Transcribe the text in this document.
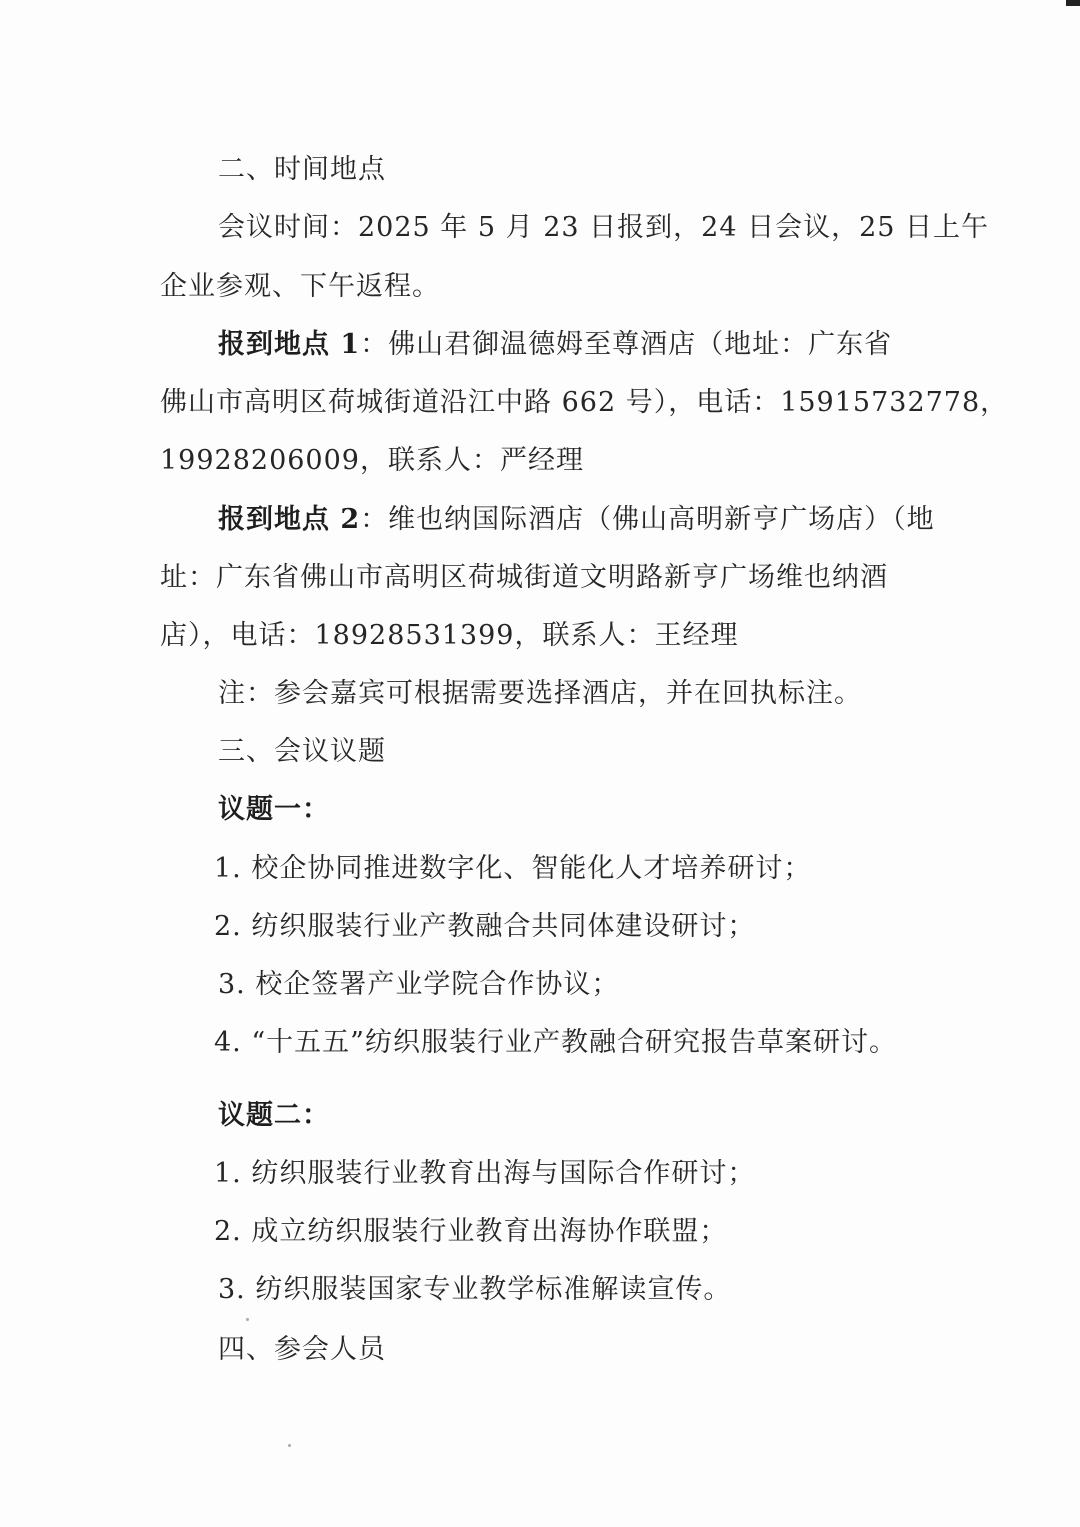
二、时间地点
会议时间：2025 年 5 月 23 日报到，24 日会议，25 日上午
企业参观、下午返程。
报到地点 1：佛山君御温德姆至尊酒店（地址：广东省
佛山市高明区荷城街道沿江中路 662 号），电话：15915732778，
19928206009，联系人：严经理
报到地点 2：维也纳国际酒店（佛山高明新亨广场店）（地
址：广东省佛山市高明区荷城街道文明路新亨广场维也纳酒
店），电话：18928531399，联系人：王经理
注：参会嘉宾可根据需要选择酒店，并在回执标注。
三、会议议题
议题一：
1. 校企协同推进数字化、智能化人才培养研讨；
2. 纺织服装行业产教融合共同体建设研讨；
3. 校企签署产业学院合作协议；
4. “十五五”纺织服装行业产教融合研究报告草案研讨。
议题二：
1. 纺织服装行业教育出海与国际合作研讨；
2. 成立纺织服装行业教育出海协作联盟；
3. 纺织服装国家专业教学标准解读宣传。
四、参会人员
